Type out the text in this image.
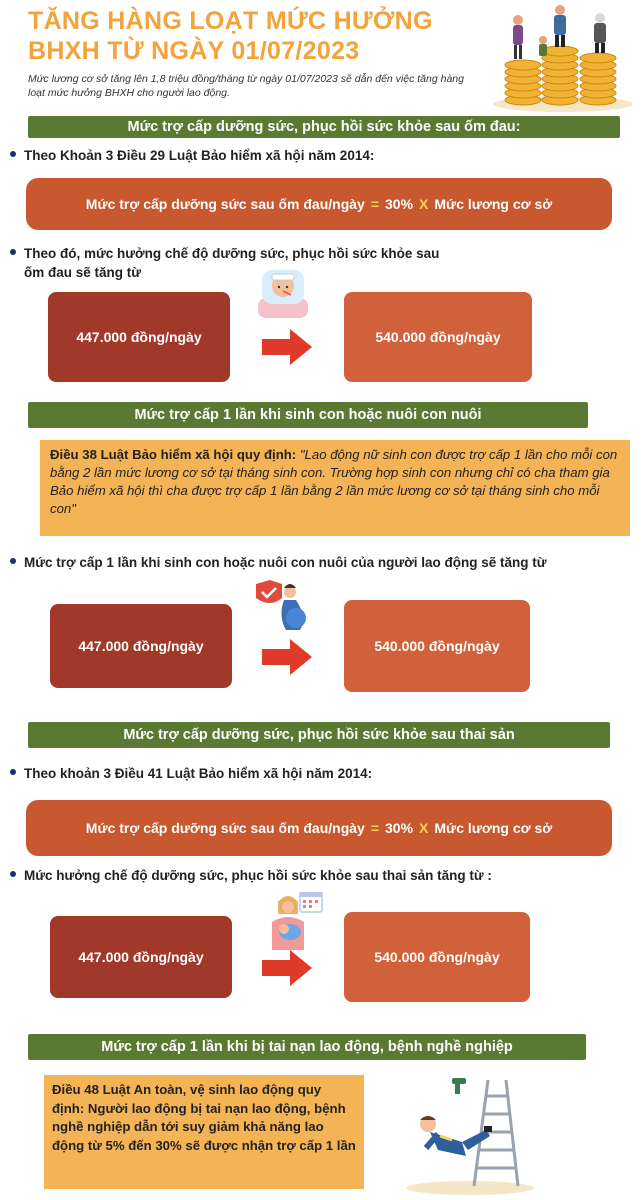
TĂNG HÀNG LOẠT MỨC HƯỞNG
BHXH TỪ NGÀY 01/07/2023
Mức lương cơ sở tăng lên 1,8 triệu đồng/tháng từ ngày 01/07/2023 sẽ dẫn đến việc tăng hàng loạt mức hưởng BHXH cho người lao động.
Mức trợ cấp dưỡng sức, phục hồi sức khỏe sau ốm đau:
Theo Khoản 3 Điều 29 Luật Bảo hiểm xã hội năm 2014:
Mức trợ cấp dưỡng sức sau ốm đau/ngày = 30% X Mức lương cơ sở
Theo đó, mức hưởng chế độ dưỡng sức, phục hồi sức khỏe sau
ốm đau sẽ tăng từ
447.000 đồng/ngày	540.000 đồng/ngày
Mức trợ cấp 1 lần khi sinh con hoặc nuôi con nuôi
Điều 38 Luật Bảo hiểm xã hội quy định: "Lao động nữ sinh con được trợ cấp 1 lần cho mỗi con bằng 2 lần mức lương cơ sở tại tháng sinh con. Trường hợp sinh con nhưng chỉ có cha tham gia Bảo hiểm xã hội thì cha được trợ cấp 1 lần bằng 2 lần mức lương cơ sở tại tháng sinh cho mỗi con"
Mức trợ cấp 1 lần khi sinh con hoặc nuôi con nuôi của người lao động sẽ tăng từ
447.000 đồng/ngày	540.000 đồng/ngày
Mức trợ cấp dưỡng sức, phục hồi sức khỏe sau thai sản
Theo khoản 3 Điều 41 Luật Bảo hiểm xã hội năm 2014:
Mức trợ cấp dưỡng sức sau ốm đau/ngày = 30% X Mức lương cơ sở
Mức hưởng chế độ dưỡng sức, phục hồi sức khỏe sau thai sản tăng từ :
447.000 đồng/ngày	540.000 đồng/ngày
Mức trợ cấp 1 lần khi bị tai nạn lao động, bệnh nghề nghiệp
Điều 48 Luật An toàn, vệ sinh lao động quy định: Người lao động bị tai nạn lao động, bệnh nghề nghiệp dẫn tới suy giảm khả năng lao động từ 5% đến 30% sẽ được nhận trợ cấp 1 lần
